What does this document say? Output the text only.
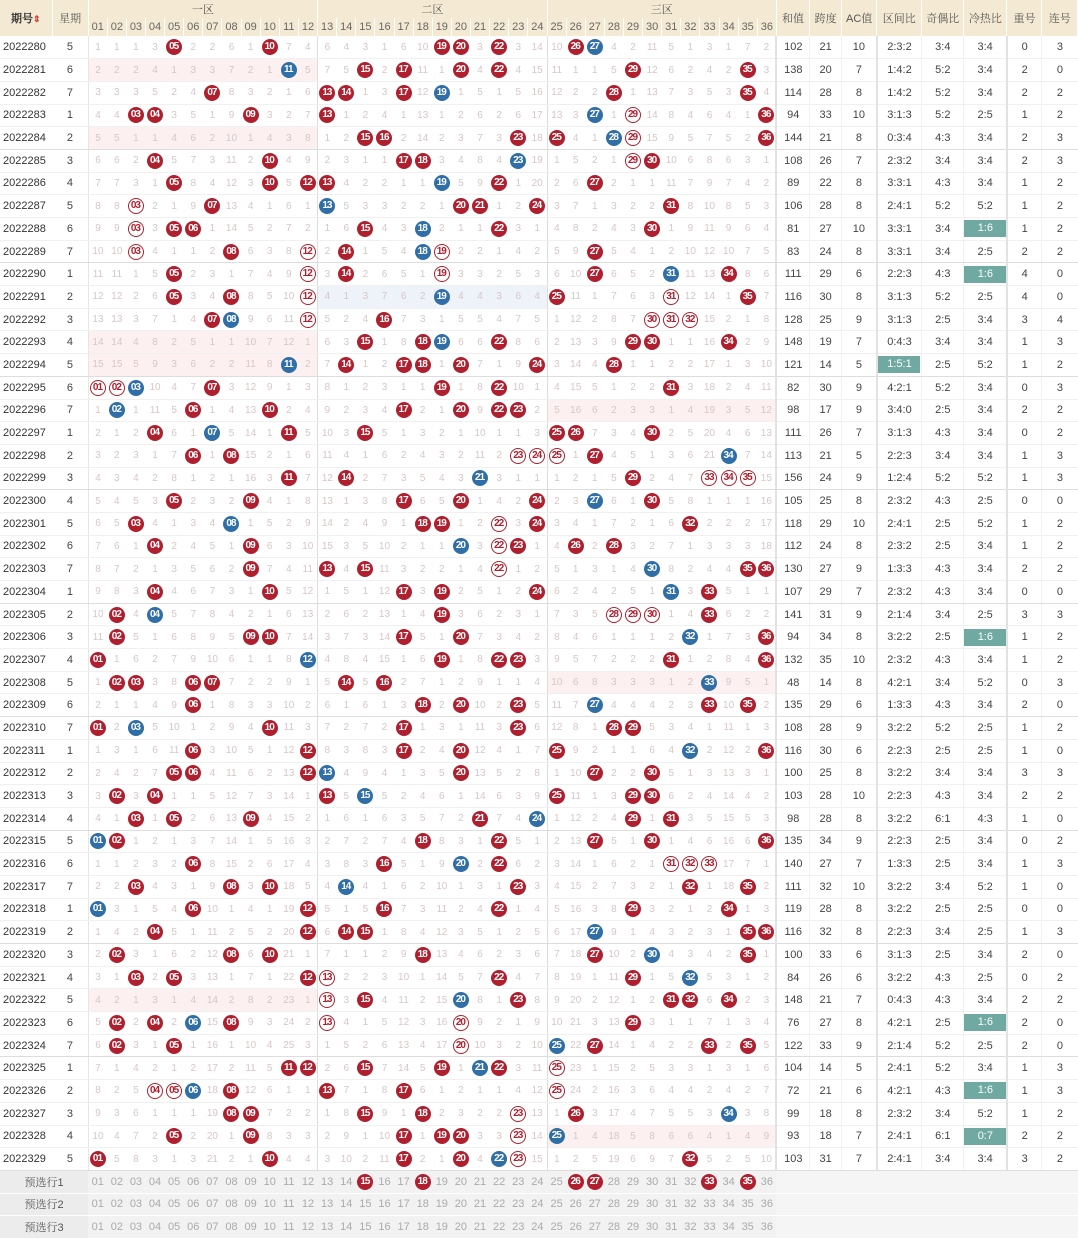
期号⇕	星期	一区												二区												三区												和值	跨度	AC值	区间比	奇偶比	冷热比	重号	连号
		01	02	03	04	05	06	07	08	09	10	11	12	13	14	15	16	17	18	19	20	21	22	23	24	25	26	27	28	29	30	31	32	33	34	35	36								
2022280	5	1	1	1	3	05	2	2	6	1	10	7	4	6	4	3	1	6	10	19	20	3	22	3	14	10	26	27	4	2	11	5	1	3	1	7	2	102	21	10	2:3:2	3:4	3:4	0	3
2022281	6	2	2	2	4	1	3	3	7	2	1	11	5	7	5	15	2	17	11	1	20	4	22	4	15	11	1	1	5	29	12	6	2	4	2	35	3	138	20	7	1:4:2	5:2	3:4	2	0
2022282	7	3	3	3	5	2	4	07	8	3	2	1	6	13	14	1	3	17	12	19	1	5	1	5	16	12	2	2	28	1	13	7	3	5	3	35	4	114	28	8	1:4:2	5:2	3:4	2	2
2022283	1	4	4	03	04	3	5	1	9	09	3	2	7	13	1	2	4	1	13	1	2	6	2	6	17	13	3	27	1	29	14	8	4	6	4	1	36	94	33	10	3:1:3	5:2	2:5	1	2
2022284	2	5	5	1	1	4	6	2	10	1	4	3	8	1	2	15	16	2	14	2	3	7	3	23	18	25	4	1	28	29	15	9	5	7	5	2	36	144	21	8	0:3:4	4:3	3:4	2	3
2022285	3	6	6	2	04	5	7	3	11	2	10	4	9	2	3	1	1	17	18	3	4	8	4	23	19	1	5	2	1	29	30	10	6	8	6	3	1	108	26	7	2:3:2	3:4	3:4	2	3
2022286	4	7	7	3	1	05	8	4	12	3	10	5	12	13	4	2	2	1	1	19	5	9	22	1	20	2	6	27	2	1	1	11	7	9	7	4	2	89	22	8	3:3:1	4:3	3:4	1	2
2022287	5	8	8	03	2	1	9	07	13	4	1	6	1	13	5	3	3	2	2	1	20	21	1	2	24	3	7	1	3	2	2	31	8	10	8	5	3	106	28	8	2:4:1	5:2	5:2	1	2
2022288	6	9	9	03	3	05	06	1	14	5	2	7	2	1	6	15	4	3	18	2	1	1	22	3	1	4	8	2	4	3	30	1	9	11	9	6	4	81	27	10	3:3:1	3:4	1:6	1	2
2022289	7	10	10	03	4	1	1	2	08	6	3	8	12	2	14	1	5	4	18	19	2	2	1	4	2	5	9	27	5	4	1	2	10	12	10	7	5	83	24	8	3:3:1	3:4	2:5	2	2
2022290	1	11	11	1	5	05	2	3	1	7	4	9	12	3	14	2	6	5	1	19	3	3	2	5	3	6	10	27	6	5	2	31	11	13	34	8	6	111	29	6	2:2:3	4:3	1:6	4	0
2022291	2	12	12	2	6	05	3	4	08	8	5	10	12	4	1	3	7	6	2	19	4	4	3	6	4	25	11	1	7	6	3	31	12	14	1	35	7	116	30	8	3:1:3	5:2	2:5	4	0
2022292	3	13	13	3	7	1	4	07	08	9	6	11	12	5	2	4	16	7	3	1	5	5	4	7	5	1	12	2	8	7	30	31	32	15	2	1	8	128	25	9	3:1:3	2:5	3:4	3	4
2022293	4	14	14	4	8	2	5	1	1	10	7	12	1	6	3	15	1	8	18	19	6	6	22	8	6	2	13	3	9	29	30	1	1	16	34	2	9	148	19	7	0:4:3	3:4	3:4	1	3
2022294	5	15	15	5	9	3	6	2	2	11	8	11	2	7	14	1	2	17	18	1	20	7	1	9	24	3	14	4	28	1	1	2	2	17	1	3	10	121	14	5	1:5:1	2:5	5:2	1	2
2022295	6	01	02	03	10	4	7	07	3	12	9	1	3	8	1	2	3	1	1	19	1	8	22	10	1	4	15	5	1	2	2	31	3	18	2	4	11	82	30	9	4:2:1	5:2	3:4	0	3
2022296	7	1	02	1	11	5	06	1	4	13	10	2	4	9	2	3	4	17	2	1	20	9	22	23	2	5	16	6	2	3	3	1	4	19	3	5	12	98	17	9	3:4:0	2:5	3:4	2	2
2022297	1	2	1	2	04	6	1	07	5	14	1	11	5	10	3	15	5	1	3	2	1	10	1	1	3	25	26	7	3	4	30	2	5	20	4	6	13	111	26	7	3:1:3	4:3	3:4	0	2
2022298	2	3	2	3	1	7	06	1	08	15	2	1	6	11	4	1	6	2	4	3	2	11	2	23	24	25	1	27	4	5	1	3	6	21	34	7	14	113	21	5	2:2:3	3:4	3:4	1	3
2022299	3	4	3	4	2	8	1	2	1	16	3	11	7	12	14	2	7	3	5	4	3	21	3	1	1	1	2	1	5	29	2	4	7	33	34	35	15	156	24	9	1:2:4	5:2	5:2	1	3
2022300	4	5	4	5	3	05	2	3	2	09	4	1	8	13	1	3	8	17	6	5	20	1	4	2	24	2	3	27	6	1	30	5	8	1	1	1	16	105	25	8	2:3:2	4:3	2:5	0	0
2022301	5	6	5	03	4	1	3	4	08	1	5	2	9	14	2	4	9	1	18	19	1	2	22	3	24	3	4	1	7	2	1	6	32	2	2	2	17	118	29	10	2:4:1	2:5	5:2	1	2
2022302	6	7	6	1	04	2	4	5	1	09	6	3	10	15	3	5	10	2	1	1	20	3	22	23	1	4	26	2	28	3	2	7	1	3	3	3	18	112	24	8	2:3:2	2:5	3:4	1	2
2022303	7	8	7	2	1	3	5	6	2	09	7	4	11	13	4	15	11	3	2	2	1	4	22	1	2	5	1	3	1	4	30	8	2	4	4	35	36	130	27	9	1:3:3	4:3	3:4	2	2
2022304	1	9	8	3	04	4	6	7	3	1	10	5	12	1	5	1	12	17	3	19	2	5	1	2	24	6	2	4	2	5	1	31	3	33	5	1	1	107	29	7	2:3:2	4:3	3:4	0	0
2022305	2	10	02	4	04	5	7	8	4	2	1	6	13	2	6	2	13	1	4	19	3	6	2	3	1	7	3	5	28	29	30	1	4	33	6	2	2	141	31	9	2:1:4	3:4	2:5	3	3
2022306	3	11	02	5	1	6	8	9	5	09	10	7	14	3	7	3	14	17	5	1	20	7	3	4	2	8	4	6	1	1	1	2	32	1	7	3	36	94	34	8	3:2:2	2:5	1:6	1	2
2022307	4	01	1	6	2	7	9	10	6	1	1	8	12	4	8	4	15	1	6	19	1	8	22	23	3	9	5	7	2	2	2	31	1	2	8	4	36	132	35	10	2:3:2	4:3	3:4	1	2
2022308	5	1	02	03	3	8	06	07	7	2	2	9	1	5	14	5	16	2	7	1	2	9	1	1	4	10	6	8	3	3	3	1	2	33	9	5	1	48	14	8	4:2:1	3:4	5:2	0	3
2022309	6	2	1	1	4	9	06	1	8	3	3	10	2	6	1	6	1	3	18	2	20	10	2	23	5	11	7	27	4	4	4	2	3	33	10	35	2	135	29	6	1:3:3	4:3	3:4	2	0
2022310	7	01	2	03	5	10	1	2	9	4	10	11	3	7	2	7	2	17	1	3	1	11	3	23	6	12	8	1	28	29	5	3	4	1	11	1	3	108	28	9	3:2:2	5:2	2:5	1	2
2022311	1	1	3	1	6	11	06	3	10	5	1	12	12	8	3	8	3	17	2	4	20	12	4	1	7	25	9	2	1	1	6	4	32	2	12	2	36	116	30	6	2:2:3	2:5	2:5	1	0
2022312	2	2	4	2	7	05	06	4	11	6	2	13	12	13	4	9	4	1	3	5	20	13	5	2	8	1	10	27	2	2	30	5	1	3	13	3	1	100	25	8	3:2:2	3:4	3:4	3	3
2022313	3	3	02	3	04	1	1	5	12	7	3	14	1	13	5	15	5	2	4	6	1	14	6	3	9	25	11	1	3	29	30	6	2	4	14	4	2	103	28	10	2:2:3	4:3	3:4	2	2
2022314	4	4	1	03	1	05	2	6	13	09	4	15	2	1	6	1	6	3	5	7	2	21	7	4	24	1	12	2	4	29	1	31	3	5	15	5	3	98	28	8	3:2:2	6:1	4:3	1	0
2022315	5	01	02	1	2	1	3	7	14	1	5	16	3	2	7	2	7	4	18	8	3	1	22	5	1	2	13	27	5	1	30	1	4	6	16	6	36	135	34	9	2:2:3	2:5	3:4	0	2
2022316	6	1	1	2	3	2	06	8	15	2	6	17	4	3	8	3	16	5	1	9	20	2	22	6	2	3	14	1	6	2	1	31	32	33	17	7	1	140	27	7	1:3:3	2:5	3:4	1	3
2022317	7	2	2	03	4	3	1	9	08	3	10	18	5	4	14	4	1	6	2	10	1	3	1	23	3	4	15	2	7	3	2	1	32	1	18	35	2	111	32	10	3:2:2	3:4	5:2	1	0
2022318	1	01	3	1	5	4	06	10	1	4	1	19	12	5	1	5	16	7	3	11	2	4	22	1	4	5	16	3	8	29	3	2	1	2	34	1	3	119	28	8	3:2:2	2:5	2:5	0	0
2022319	2	1	4	2	04	5	1	11	2	5	2	20	12	6	14	15	1	8	4	12	3	5	1	2	5	6	17	27	9	1	4	3	2	3	1	35	36	116	32	8	2:2:3	3:4	2:5	1	3
2022320	3	2	02	3	1	6	2	12	08	6	10	21	1	7	1	1	2	9	18	13	4	6	2	3	6	7	18	27	10	2	30	4	3	4	2	35	1	100	33	6	3:1:3	2:5	3:4	2	0
2022321	4	3	1	03	2	05	3	13	1	7	1	22	12	13	2	2	3	10	1	14	5	7	22	4	7	8	19	1	11	29	1	5	32	5	3	1	2	84	26	6	3:2:2	4:3	2:5	0	2
2022322	5	4	2	1	3	1	4	14	2	8	2	23	1	13	3	15	4	11	2	15	20	8	1	23	8	9	20	2	12	1	2	31	32	6	34	2	3	148	21	7	0:4:3	4:3	3:4	2	2
2022323	6	5	02	2	04	2	06	15	08	9	3	24	2	13	4	1	5	12	3	16	20	9	2	1	9	10	21	3	13	29	3	1	1	7	1	3	4	76	27	8	4:2:1	2:5	1:6	2	0
2022324	7	6	02	3	1	05	1	16	1	10	4	25	3	1	5	2	6	13	4	17	20	10	3	2	10	25	22	27	14	1	4	2	2	33	2	35	5	122	33	9	2:1:4	5:2	2:5	2	0
2022325	1	7	1	4	2	1	2	17	2	11	5	11	12	2	6	15	7	14	5	19	1	21	22	3	11	25	23	1	15	2	5	3	3	1	3	1	6	104	14	5	2:4:1	5:2	3:4	1	3
2022326	2	8	2	5	04	05	06	18	08	12	6	1	1	13	7	1	8	17	6	1	2	1	1	4	12	25	24	2	16	3	6	4	4	2	4	2	7	72	21	6	4:2:1	4:3	1:6	1	3
2022327	3	9	3	6	1	1	1	19	08	09	7	2	2	1	8	15	9	1	18	2	3	2	2	23	13	1	26	3	17	4	7	5	5	3	34	3	8	99	18	8	2:3:2	3:4	5:2	1	2
2022328	4	10	4	7	2	05	2	20	1	09	8	3	3	2	9	1	10	17	1	19	20	3	3	23	14	25	1	4	18	5	8	6	6	4	1	4	9	93	18	7	2:4:1	6:1	0:7	2	2
2022329	5	01	5	8	3	1	3	21	2	1	10	4	4	3	10	2	11	17	2	1	20	4	22	23	15	1	2	5	19	6	9	7	32	5	2	5	10	103	31	7	2:4:1	3:4	3:4	3	2
预选行1		01	02	03	04	05	06	07	08	09	10	11	12	13	14	15	16	17	18	19	20	21	22	23	24	25	26	27	28	29	30	31	32	33	34	35	36								
预选行2		01	02	03	04	05	06	07	08	09	10	11	12	13	14	15	16	17	18	19	20	21	22	23	24	25	26	27	28	29	30	31	32	33	34	35	36								
预选行3		01	02	03	04	05	06	07	08	09	10	11	12	13	14	15	16	17	18	19	20	21	22	23	24	25	26	27	28	29	30	31	32	33	34	35	36								
